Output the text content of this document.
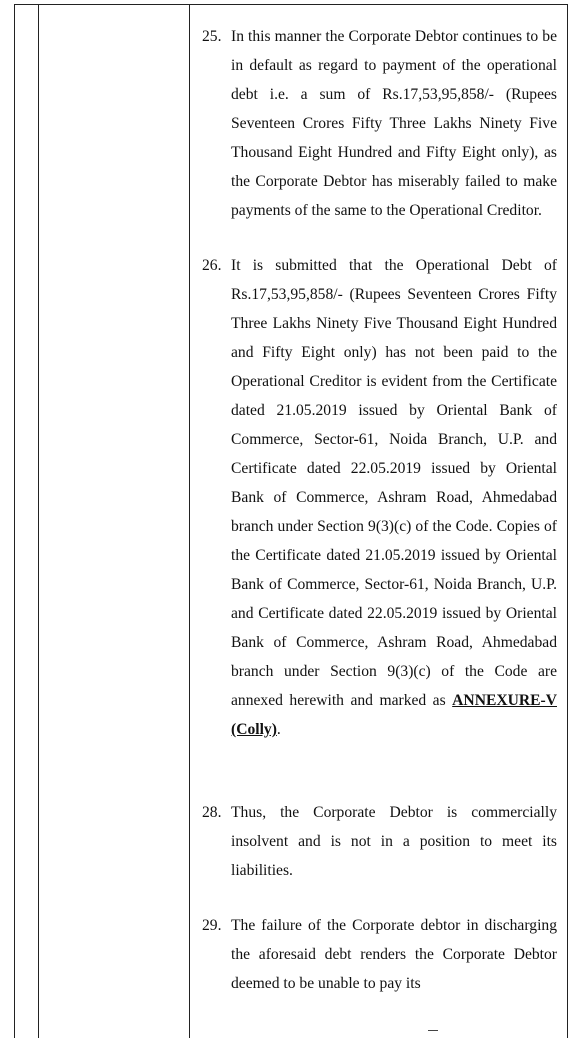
25. In this manner the Corporate Debtor continues to be in default as regard to payment of the operational debt i.e. a sum of Rs.17,53,95,858/- (Rupees Seventeen Crores Fifty Three Lakhs Ninety Five Thousand Eight Hundred and Fifty Eight only), as the Corporate Debtor has miserably failed to make payments of the same to the Operational Creditor.
26. It is submitted that the Operational Debt of Rs.17,53,95,858/- (Rupees Seventeen Crores Fifty Three Lakhs Ninety Five Thousand Eight Hundred and Fifty Eight only) has not been paid to the Operational Creditor is evident from the Certificate dated 21.05.2019 issued by Oriental Bank of Commerce, Sector-61, Noida Branch, U.P. and Certificate dated 22.05.2019 issued by Oriental Bank of Commerce, Ashram Road, Ahmedabad branch under Section 9(3)(c) of the Code. Copies of the Certificate dated 21.05.2019 issued by Oriental Bank of Commerce, Sector-61, Noida Branch, U.P. and Certificate dated 22.05.2019 issued by Oriental Bank of Commerce, Ashram Road, Ahmedabad branch under Section 9(3)(c) of the Code are annexed herewith and marked as ANNEXURE-V (Colly).
28. Thus, the Corporate Debtor is commercially insolvent and is not in a position to meet its liabilities.
29. The failure of the Corporate debtor in discharging the aforesaid debt renders the Corporate Debtor deemed to be unable to pay its
